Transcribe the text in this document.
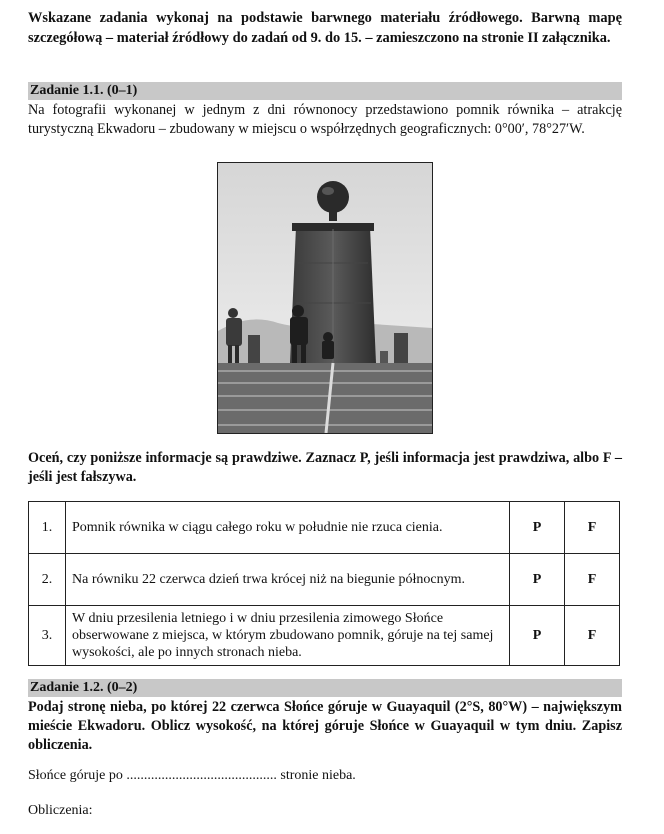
Wskazane zadania wykonaj na podstawie barwnego materiału źródłowego. Barwną mapę szczegółową – materiał źródłowy do zadań od 9. do 15. – zamieszczono na stronie II załącznika.
Zadanie 1.1. (0–1)
Na fotografii wykonanej w jednym z dni równonocy przedstawiono pomnik równika – atrakcję turystyczną Ekwadoru – zbudowany w miejscu o współrzędnych geograficznych: 0°00′, 78°27′W.
Oceń, czy poniższe informacje są prawdziwe. Zaznacz P, jeśli informacja jest prawdziwa, albo F – jeśli jest fałszywa.
1.	Pomnik równika w ciągu całego roku w południe nie rzuca cienia.	P	F
2.	Na równiku 22 czerwca dzień trwa krócej niż na biegunie północnym.	P	F
3.	W dniu przesilenia letniego i w dniu przesilenia zimowego Słońce obserwowane z miejsca, w którym zbudowano pomnik, góruje na tej samej wysokości, ale po innych stronach nieba.	P	F
Zadanie 1.2. (0–2)
Podaj stronę nieba, po której 22 czerwca Słońce góruje w Guayaquil (2°S, 80°W) – największym mieście Ekwadoru. Oblicz wysokość, na której góruje Słońce w Guayaquil w tym dniu. Zapisz obliczenia.
Słońce góruje po ........................................... stronie nieba.
Obliczenia:
